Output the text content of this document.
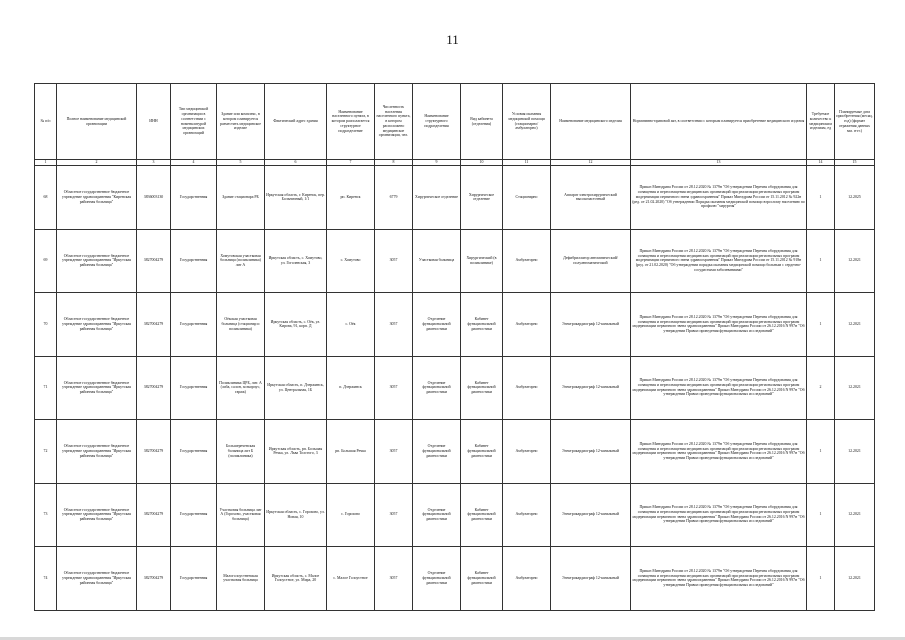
11
№ п/п	Полное наименование медицинской организации	ИНН	Тип медицинской организации в соответствии с номенклатурой медицинских организаций	Здание или комплекс, в котором планируется разместить медицинское изделие	Фактический адрес здания	Наименование населенного пункта, в котором располагается структурное подразделение	Численность населения населенного пункта, в котором расположено медицинское организации, чел.	Наименование структурного подразделения	Вид кабинета (отделения)	Условия оказания медицинской помощи (стационарно/амбулаторно)	Наименование медицинского изделия	Нормативно-правовой акт, в соответствии с которым планируется приобретение медицинского изделия	Требуемое количество к медицинским изделиям, ед	Планируемые дата приобретения (месяц, год) (формат отражения данных мм. гггг.)
1	2	3	4	5	6	7	8	9	10	11	12	13	14	15
68	Областное государственное бюджетное учреждение здравоохранения "Киренская районная больница"	3836003130	Государственная	Здание стационара РБ	Иркутская область, г. Киренск, пер. Больничный, 1/1	рп. Киренск	6779	Хирургическое отделение	Хирургическое отделение	Стационарно	Аппарат электрохирургический высокочастотный	Приказ Минздрава России от 28.12.2020 № 1379н "Об утверждении Перечня оборудования для оснащения и переоснащения медицинских организаций при реализации региональных программ модернизации первичного звена здравоохранения" Приказ Минздрава России от 15.11.2012 № 922н (ред. от 21.02.2020) "Об утверждении Порядка оказания медицинской помощи взрослому населению по профилю "хирургия"	1	12.2025
69	Областное государственное бюджетное учреждение здравоохранения "Иркутская районная больница"	3827004279	Государственная	Хомутовская участковая больница (поликлиника) лит А	Иркутская область, с. Хомутово, ул. Гоголевская, 3	с. Хомутово	3057	Участковая больница	Хирургический (в поликлинике)	Амбулаторно	Дефибриллятор автоматический/полуавтоматический	Приказ Минздрава России от 28.12.2020 № 1379н "Об утверждении Перечня оборудования для оснащения и переоснащения медицинских организаций при реализации региональных программ модернизации первичного звена здравоохранения" Приказ Минздрава России от 15.11.2012 № 918н (ред. от 21.02.2020) "Об утверждении порядка оказания медицинской помощи больным с сердечно-сосудистыми заболеваниями"	1	12.2021
70	Областное государственное бюджетное учреждение здравоохранения "Иркутская районная больница"	3827004279	Государственная	Оёкская участковая больница (стационар и поликлиника)	Иркутская область, с. Оёк, ул. Кирова, 91, корп. Д	с. Оёк	3057	Отделение функциональной диагностики	Кабинет функциональной диагностики	Амбулаторно	Электрокардиограф 12-канальный	Приказ Минздрава России от 28.12.2020 № 1379н "Об утверждении Перечня оборудования для оснащения и переоснащения медицинских организаций при реализации региональных программ модернизации первичного звена здравоохранения" Приказ Минздрава России от 26.12.2016 N 997н "Об утверждении Правил проведения функциональных исследований"	1	12.2021
71	Областное государственное бюджетное учреждение здравоохранения "Иркутская районная больница"	3827004279	Государственная	Поликлиника ЦРБ, лит. А (лаба, салон, хозкорпус, гараж)	Иркутская область, п. Дзержинск, ул. Центральная, 1Б	п. Дзержинск	3057	Отделение функциональной диагностики	Кабинет функциональной диагностики	Амбулаторно	Электрокардиограф 12-канальный	Приказ Минздрава России от 28.12.2020 № 1379н "Об утверждении Перечня оборудования для оснащения и переоснащения медицинских организаций при реализации региональных программ модернизации первичного звена здравоохранения" Приказ Минздрава России от 26.12.2016 N 997н "Об утверждении Правил проведения функциональных исследований"	2	12.2021
72	Областное государственное бюджетное учреждение здравоохранения "Иркутская районная больница"	3827004279	Государственная	Большереченская больница лит Б (поликлиника)	Иркутская область, рп. Большая Речка, ул. Льва Толстого, 3	рп. Большая Речка	3057	Отделение функциональной диагностики	Кабинет функциональной диагностики	Амбулаторно	Электрокардиограф 12-канальный	Приказ Минздрава России от 28.12.2020 № 1379н "Об утверждении Перечня оборудования для оснащения и переоснащения медицинских организаций при реализации региональных программ модернизации первичного звена здравоохранения" Приказ Минздрава России от 26.12.2016 N 997н "Об утверждении Правил проведения функциональных исследований"	1	12.2021
73	Областное государственное бюджетное учреждение здравоохранения "Иркутская районная больница"	3827004279	Государственная	Участковая больница лит А (Горохово, участковая больница)	Иркутская область, с. Горохово, ул. Новая, 10	с. Горохово	3057	Отделение функциональной диагностики	Кабинет функциональной диагностики	Амбулаторно	Электрокардиограф 12-канальный	Приказ Минздрава России от 28.12.2020 № 1379н "Об утверждении Перечня оборудования для оснащения и переоснащения медицинских организаций при реализации региональных программ модернизации первичного звена здравоохранения" Приказ Минздрава России от 26.12.2016 N 997н "Об утверждении Правил проведения функциональных исследований"	1	12.2021
74	Областное государственное бюджетное учреждение здравоохранения "Иркутская районная больница"	3827004279	Государственная	Малоголоустненская участковая больница	Иркутская область, с. Малое Голоустное, ул. Мира, 20	с. Малое Голоустное	3057	Отделение функциональной диагностики	Кабинет функциональной диагностики	Амбулаторно	Электрокардиограф 12-канальный	Приказ Минздрава России от 28.12.2020 № 1379н "Об утверждении Перечня оборудования для оснащения и переоснащения медицинских организаций при реализации региональных программ модернизации первичного звена здравоохранения" Приказ Минздрава России от 26.12.2016 N 997н "Об утверждении Правил проведения функциональных исследований"	1	12.2021
